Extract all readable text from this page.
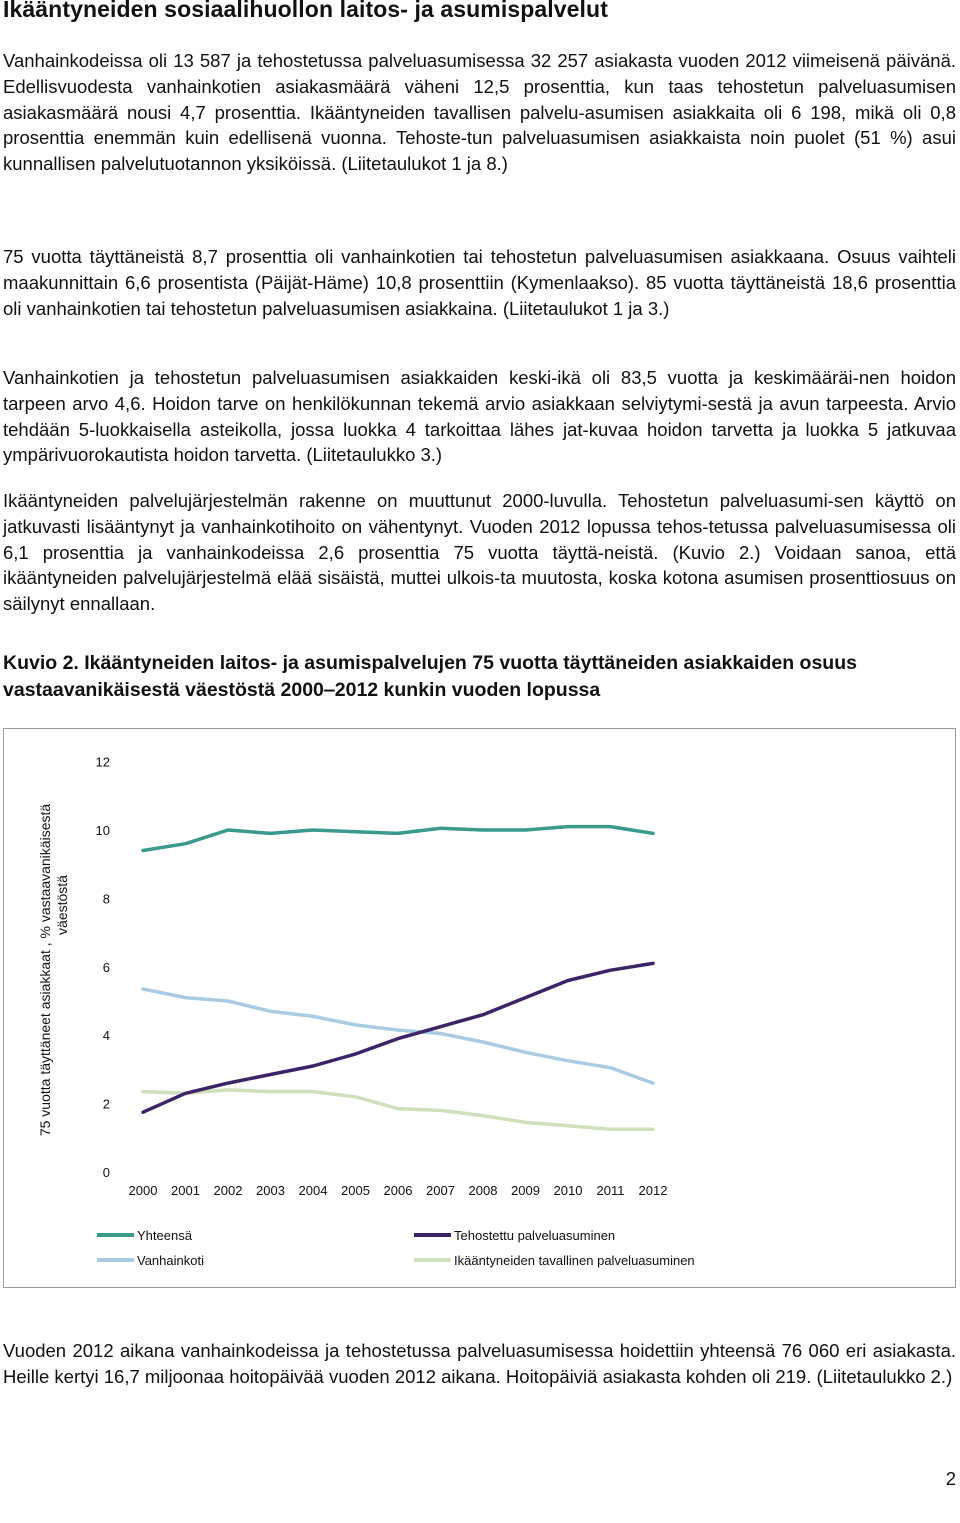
Ikääntyneiden sosiaalihuollon laitos- ja asumispalvelut

Vanhainkodeissa oli 13 587 ja tehostetussa palveluasumisessa 32 257 asiakasta vuoden 2012 viimeisenä päivänä. Edellisvuodesta vanhainkotien asiakasmäärä väheni 12,5 prosenttia, kun taas tehostetun palveluasumisen asiakasmäärä nousi 4,7 prosenttia. Ikääntyneiden tavallisen palvelu-asumisen asiakkaita oli 6 198, mikä oli 0,8 prosenttia enemmän kuin edellisenä vuonna. Tehoste-tun palveluasumisen asiakkaista noin puolet (51 %) asui kunnallisen palvelutuotannon yksiköissä. (Liitetaulukot 1 ja 8.)

75 vuotta täyttäneistä 8,7 prosenttia oli vanhainkotien tai tehostetun palveluasumisen asiakkaana. Osuus vaihteli maakunnittain 6,6 prosentista (Päijät-Häme) 10,8 prosenttiin (Kymenlaakso). 85 vuotta täyttäneistä 18,6 prosenttia oli vanhainkotien tai tehostetun palveluasumisen asiakkaina. (Liitetaulukot 1 ja 3.)

Vanhainkotien ja tehostetun palveluasumisen asiakkaiden keski-ikä oli 83,5 vuotta ja keskimääräi-nen hoidon tarpeen arvo 4,6. Hoidon tarve on henkilökunnan tekemä arvio asiakkaan selviytymi-sestä ja avun tarpeesta. Arvio tehdään 5-luokkaisella asteikolla, jossa luokka 4 tarkoittaa lähes jat-kuvaa hoidon tarvetta ja luokka 5 jatkuvaa ympärivuorokautista hoidon tarvetta. (Liitetaulukko 3.)

Ikääntyneiden palvelujärjestelmän rakenne on muuttunut 2000-luvulla. Tehostetun palveluasumi-sen käyttö on jatkuvasti lisääntynyt ja vanhainkotihoito on vähentynyt. Vuoden 2012 lopussa tehos-tetussa palveluasumisessa oli 6,1 prosenttia ja vanhainkodeissa 2,6 prosenttia 75 vuotta täyttä-neistä. (Kuvio 2.) Voidaan sanoa, että ikääntyneiden palvelujärjestelmä elää sisäistä, muttei ulkois-ta muutosta, koska kotona asumisen prosenttiosuus on säilynyt ennallaan.

Kuvio 2. Ikääntyneiden laitos- ja asumispalvelujen 75 vuotta täyttäneiden asiakkaiden osuus vastaavanikäisestä väestöstä 2000‒2012 kunkin vuoden lopussa

75 vuotta täyttäneet asiakkaat , % vastaavanikäisestäväestöstä
0
2
4
6
8
10
12
2000 2001 2002 2003 2004 2005 2006 2007 2008 2009 2010 2011 2012
Yhteensä	Tehostettu palveluasuminen
Vanhainkoti	Ikääntyneiden tavallinen palveluasuminen

Vuoden 2012 aikana vanhainkodeissa ja tehostetussa palveluasumisessa hoidettiin yhteensä 76 060 eri asiakasta. Heille kertyi 16,7 miljoonaa hoitopäivää vuoden 2012 aikana. Hoitopäiviä asiakasta kohden oli 219. (Liitetaulukko 2.)

2
